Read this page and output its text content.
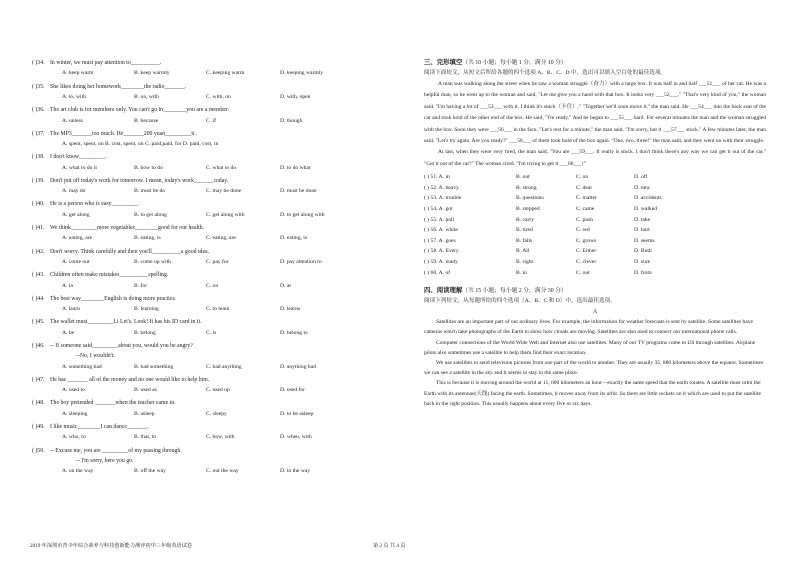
( )34. In winter, we must pay attention to__________.
A. keep warm	B. keep warmly	C. keeping warm	D. keeping warmly
( )35. She likes doing her homework________the radio_______.
A. to, with	B. on, with	C. with, on	D. with, open
( )36. The art club is for members only. You can't go in________you are a member.
A. unless	B. because	C. if	D. though
( )37. The MP3_______too much. He_______200 yuan_________it .
A. spent, spent, on B. cost, spent, on C. paid,paid, for D. paid, cost, in
( )38. I don't know_________.
A. what to do it	B. how to do	C. what to do	D. to do what
( )39. Don't put off today's work for tomorrow. I mean, today's work_______today.
A. may do	B. must be do	C. may be done	D. must be done
( )40. He is a person who is easy_________.
A. get along	B. to get along	C. get along with	D. to get along with
( )41. We think_________more vegetables________good for our health.
A. eating, are	B. eating, is	C. eating, are	D. eating, is
( )42. Don't worry. Think carefully and then you'll__________a good idea.
A. come out	B. come up with	C. pay for	D. pay attention to
( )43. Children often make mistakes__________spelling.
A. in	B. for	C. on	D. at
( )44. The best way________English is doing more practice.
A. learn	B. learning	C. to learn	D. learns
( )45. The wallet must_________Li Lei's. Look! It has his ID card in it.
A. be	B. belong	C. is	D. belong to
( )46. -- If someone said_________about you, would you be angry?
--No, I wouldn't.
A. something bad	B. bad something	C. bad anything	D. anything bad
( )47. He has _______ all of the money and no one would like to help him.
A. used to	B. used as	C. used up	D. used for
( )48. The boy pretended _______when the teacher came in.
A. sleeping	B. asleep	C. sleepy	D. to be asleep
( )49. I like music________I can dance_______.
A. who, to	B. that, to	C. how, with	D. when, with
( )50. -- Excuse me, you are _________of my passing through.
-- I'm sorry, here you go.
A. on the way	B. off the way	C. out the way	D. in the way
三、完形填空（共 10 小题；每小题 1 分，满分 10 分）
阅读下面短文，从短文后所给各题的四个选项 A、B、C、D 中，选出可以填入空白处的最佳选项。

A man was walking along the street when he saw a woman struggle（奋力）with a large box. It was half in and half ___51___ of her car. He was a helpful man, so he went up to the woman and said, "Let me give you a hand with that box. It looks very ___52___." "That's very kind of you," the woman said. "I'm having a lot of ___53___ with it. I think it's stuck（卡住）." "Together we'll soon move it," the man said. He ___54___ into the back seat of the car and took hold of the other end of the box. He said, "I'm ready." And he began to ___55___ hard. For several minutes the man and the woman struggled with the box. Soon they were ___56___ in the face. "Let's rest for a minute," the man said. "I'm sorry, but it ___57___ stuck." A few minutes later, the man said, "Let's try again. Are you ready?" ___58___ of them took hold of the box again. "One, two, three!" the man said, and they went on with their struggle.

At last, when they were very tired, the man said, "You are ___59___. It really is stuck. I don't think there's any way we can get it out of the car." "Get it out of the car?" The woman cried. "I'm trying to get it ___60___!"

( ) 51. A. in	B. out	C. on	D. off
( ) 52. A. heavy	B. strong	C. dear	D. new
( ) 53. A. trouble	B. questions	C. matter	D. accidents
( ) 54. A. got	B. stepped	C. came	D. walked
( ) 55. A. pull	B. carry	C. push	D. take
( ) 56. A. white	B. tired	C. red	D. hurt
( ) 57. A. goes	B. falls	C. grows	D. seems
( ) 58. A. Every	B. All	C. Either	D. Both
( ) 59. A. ready	B. right	C. clever	D. sure
( ) 60. A. of	B. in	C. out	D. from
四、阅读理解（共 15 小题；每小题 2 分，满分 30 分）
阅读下列短文，从每题所给的四个选项（A、B、C 和 D）中，选出最佳选项。
A

Satellites are an important part of our ordinary lives. For example, the information for weather forecasts is sent by satellite. Some satellites have cameras which take photographs of the Earth to show how clouds are moving. Satellites are also used to connect our international phone calls.

Computer connections of the World Wide Web and Internet also use satellites. Many of our TV programs come to US through satellites. Airplane pilots also sometimes use a satellite to help them find their exact location.

We use satellites to send television pictures from one part of the world to another. They are usually 35, 880 kilometers above the equator. Sometimes we can see a satellite in the sky and it seems to stay in the same place.

This is because it is moving around the world at 11, 000 kilometers an hour—exactly the same speed that the earth rotates. A satellite must orbit the Earth with its antennae(天线) facing the earth. Sometimes, it moves away from its orbit. So there are little rockets on it which are used to put the satellite back in the right position. This usually happens about every five or six days.

2019 年深圳市青少年综合素养与科技创新能力测评初中三年级英语试卷	第 2 页 共 4 页
